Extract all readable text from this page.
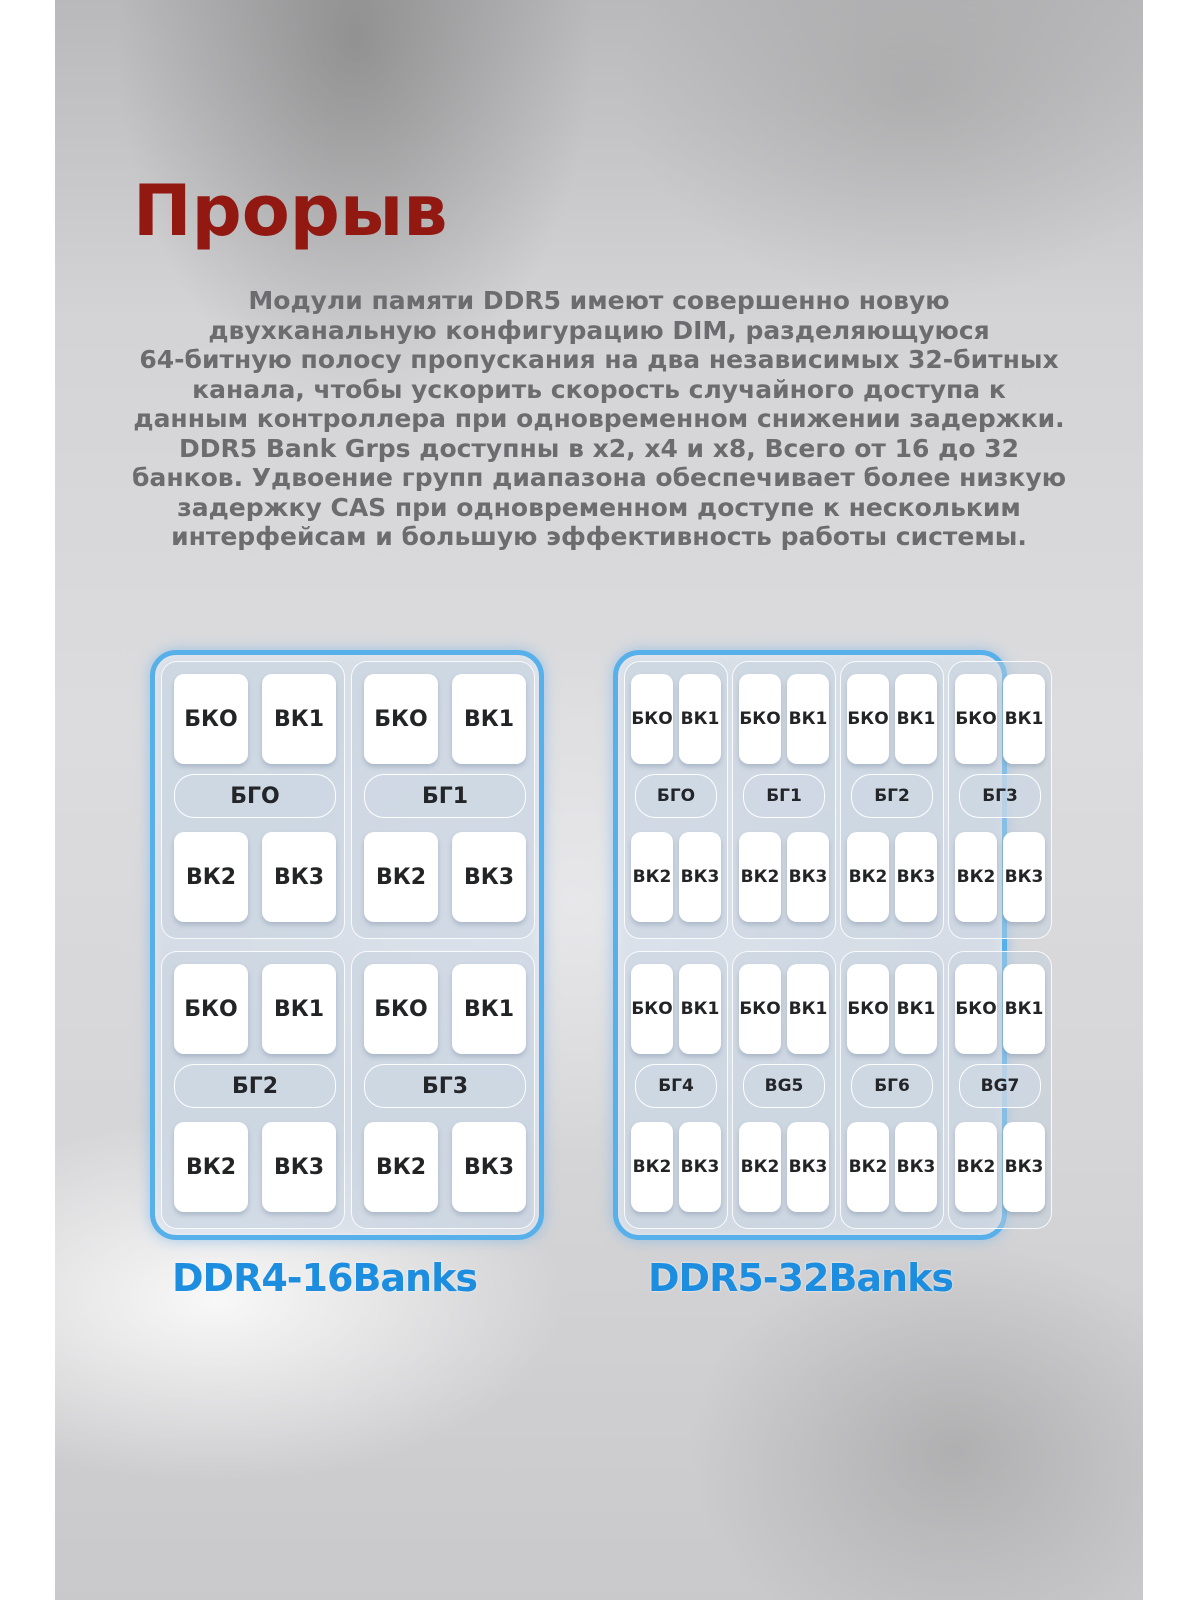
Прорыв

Модули памяти DDR5 имеют совершенно новую
двухканальную конфигурацию DIM, разделяющуюся
64-битную полосу пропускания на два независимых 32-битных
канала, чтобы ускорить скорость случайного доступа к
данным контроллера при одновременном снижении задержки.
DDR5 Bank Grps доступны в x2, x4 и x8, Всего от 16 до 32
банков. Удвоение групп диапазона обеспечивает более низкую
задержку CAS при одновременном доступе к нескольким
интерфейсам и большую эффективность работы системы.

БКО	ВК1
ВК2	ВК3
БГО
БКО	ВК1
ВК2	ВК3
БГ1
БКО	ВК1
ВК2	ВК3
БГ2
БКО	ВК1
ВК2	ВК3
БГ3
БКО ВК1
ВК2 ВК3
БГО
БКО ВК1
ВК2 ВК3
БГ1
БКО ВК1
ВК2 ВК3
БГ2
БКО ВК1
ВК2 ВК3
БГ3
БКО ВК1
ВК2 ВК3
БГ4
БКО ВК1
ВК2 ВК3
BG5
БКО ВК1
ВК2 ВК3
БГ6
БКО ВК1
ВК2 ВК3
BG7
DDR4-16Banks	DDR5-32Banks
